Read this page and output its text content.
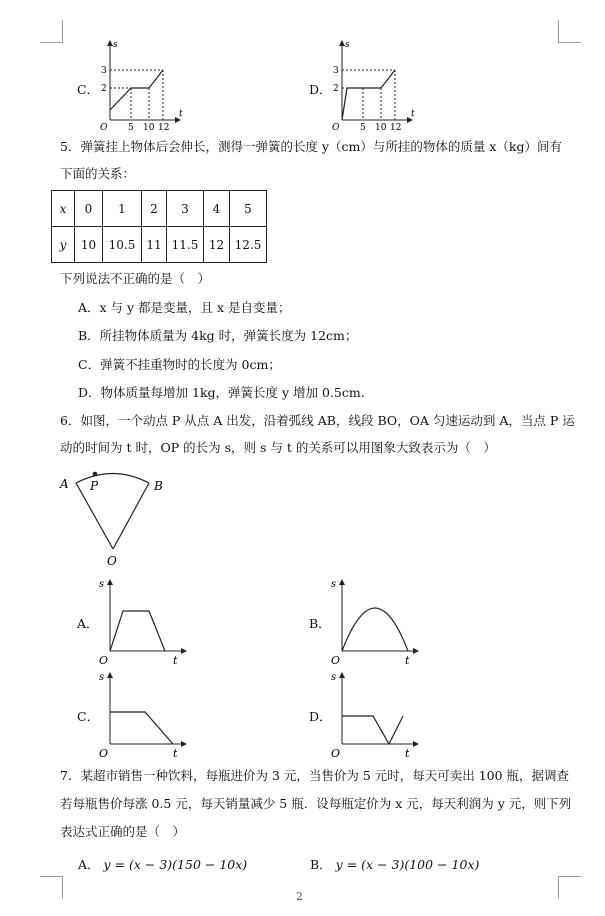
C．
s
t
3
2
O 5 10 12
D．
s
t
3
2
O 5 10 12
5．弹簧挂上物体后会伸长，测得一弹簧的长度 y（cm）与所挂的物体的质量 x（kg）间有
下面的关系：
x	0	1	2	3	4	5
y	10	10.5	11	11.5	12	12.5
下列说法不正确的是（　）
A．x 与 y 都是变量，且 x 是自变量；
B．所挂物体质量为 4kg 时，弹簧长度为 12cm；
C．弹簧不挂重物时的长度为 0cm；
D．物体质量每增加 1kg，弹簧长度 y 增加 0.5cm.
6．如图，一个动点 P 从点 A 出发，沿着弧线 AB，线段 BO，OA 匀速运动到 A，当点 P 运
动的时间为 t 时，OP 的长为 s，则 s 与 t 的关系可以用图象大致表示为（　）
A P	B
O
A．
s
t
O
B．
s
t
O
C．
s
t
O
D．
s
t
O
7．某超市销售一种饮料，每瓶进价为 3 元，当售价为 5 元时，每天可卖出 100 瓶，据调查
若每瓶售价每涨 0.5 元，每天销量减少 5 瓶．设每瓶定价为 x 元，每天利润为 y 元，则下列
表达式正确的是（　）
A． y = (x − 3)(150 − 10x)	B． y = (x − 3)(100 − 10x)
2
